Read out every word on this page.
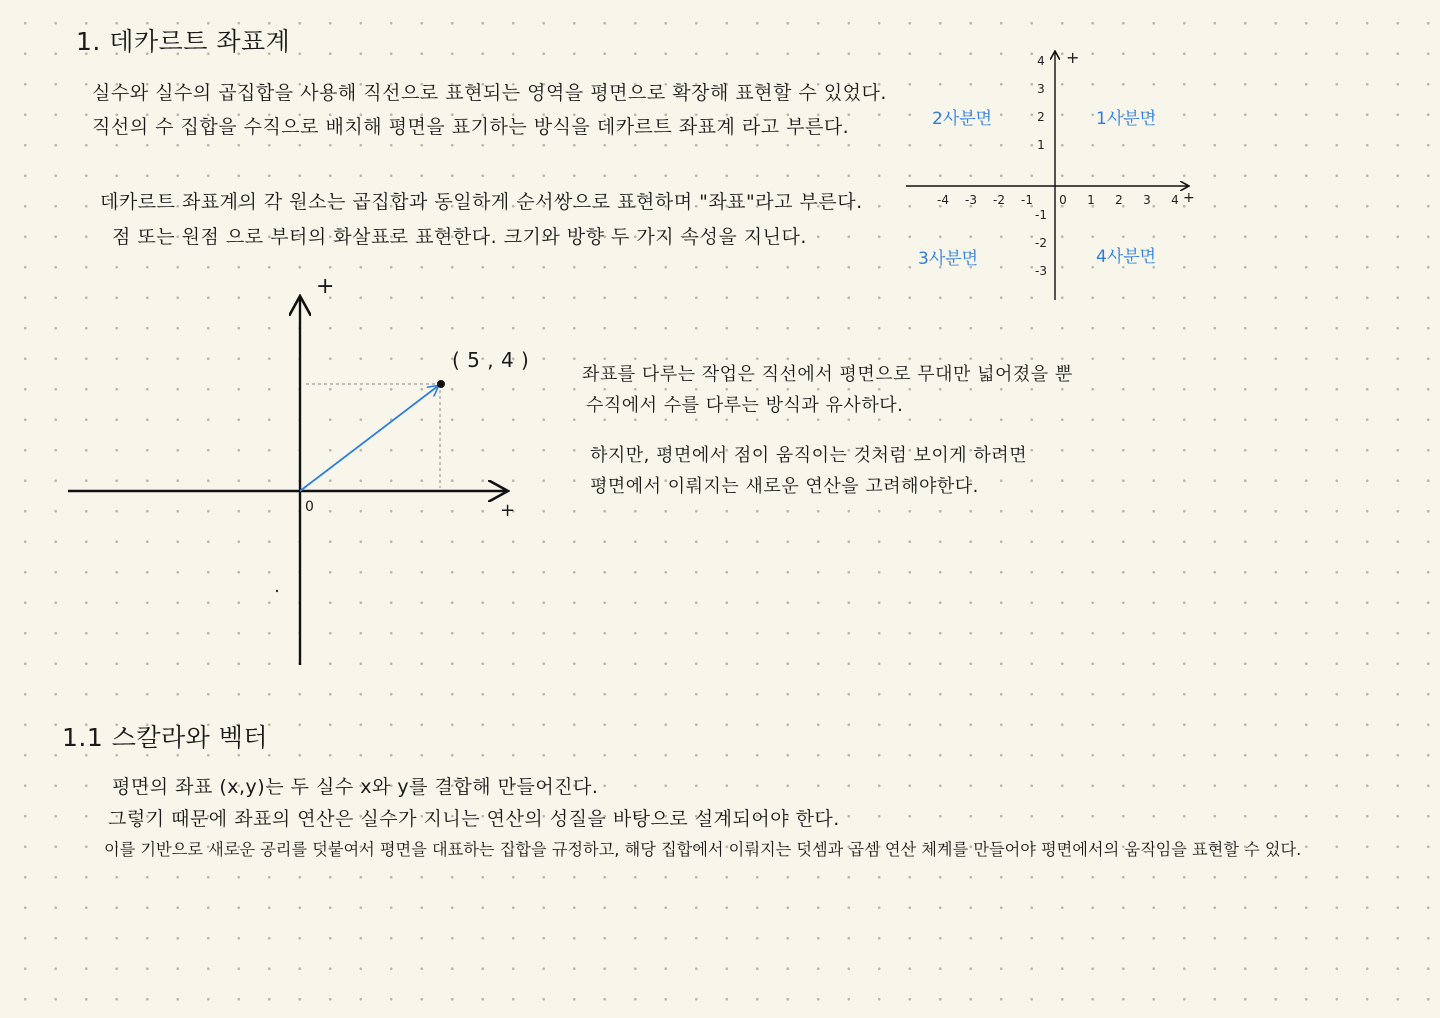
1. 데카르트 좌표계
실수와 실수의 곱집합을 사용해 직선으로 표현되는 영역을 평면으로 확장해 표현할 수 있었다.
직선의 수 집합을 수직으로 배치해 평면을 표기하는 방식을 데카르트 좌표계 라고 부른다.
데카르트 좌표계의 각 원소는 곱집합과 동일하게 순서쌍으로 표현하며 "좌표"라고 부른다.
점 또는 원점 으로 부터의 화살표로 표현한다. 크기와 방향 두 가지 속성을 지닌다.
-4 -3 -2 -1 0 1 2 3 4
4
3
2
1
-1
-2
-3
+
+
2사분면	1사분면
3사분면	4사분면
+
+
0
( 5 , 4 )
좌표를 다루는 작업은 직선에서 평면으로 무대만 넓어졌을 뿐
수직에서 수를 다루는 방식과 유사하다.
하지만, 평면에서 점이 움직이는 것처럼 보이게 하려면
평면에서 이뤄지는 새로운 연산을 고려해야한다.
1.1 스칼라와 벡터
평면의 좌표 (x,y)는 두 실수 x와 y를 결합해 만들어진다.
그렇기 때문에 좌표의 연산은 실수가 지니는 연산의 성질을 바탕으로 설계되어야 한다.
이를 기반으로 새로운 공리를 덧붙여서 평면을 대표하는 집합을 규정하고, 해당 집합에서 이뤄지는 덧셈과 곱셈 연산 체계를 만들어야 평면에서의 움직임을 표현할 수 있다.
